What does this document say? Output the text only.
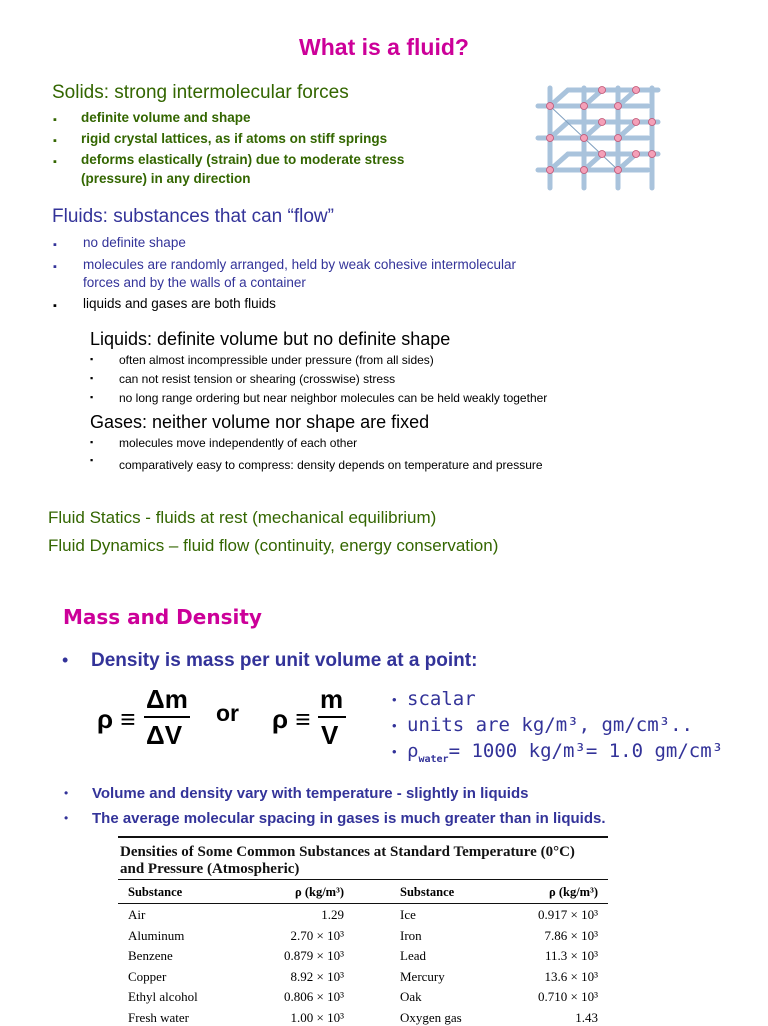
What is a fluid?
Solids: strong intermolecular forces
▪ definite volume and shape
▪ rigid crystal lattices, as if atoms on stiff springs
▪ deforms elastically (strain) due to moderate stress
(pressure) in any direction
Fluids: substances that can “flow”
▪ no definite shape
▪ molecules are randomly arranged, held by weak cohesive intermolecular
forces and by the walls of a container
▪ liquids and gases are both fluids
Liquids: definite volume but no definite shape
▪ often almost incompressible under pressure (from all sides)
▪ can not resist tension or shearing (crosswise) stress
▪ no long range ordering but near neighbor molecules can be held weakly together
Gases: neither volume nor shape are fixed
▪ molecules move independently of each other
▪ comparatively easy to compress: density depends on temperature and pressure
Fluid Statics - fluids at rest (mechanical equilibrium)
Fluid Dynamics – fluid flow (continuity, energy conservation)
Mass and Density
• Density is mass per unit volume at a point:
ρ ≡
Δm
ΔV
or ρ ≡
m
V
• scalar
• units are kg/m³, gm/cm³..
• $\rho_{water}= 1000$ kg/m³= 1.0 gm/cm³
• Volume and density vary with temperature - slightly in liquids
• The average molecular spacing in gases is much greater than in liquids.
Densities of Some Common Substances at Standard Temperature (0°C)
and Pressure (Atmospheric)
Substance	ρ (kg/m³)	Substance	ρ (kg/m³)
Air	1.29	Ice	0.917 × 10³
Aluminum	2.70 × 10³	Iron	7.86 × 10³
Benzene	0.879 × 10³	Lead	11.3 × 10³
Copper	8.92 × 10³	Mercury	13.6 × 10³
Ethyl alcohol	0.806 × 10³	Oak	0.710 × 10³
Fresh water	1.00 × 10³	Oxygen gas	1.43
